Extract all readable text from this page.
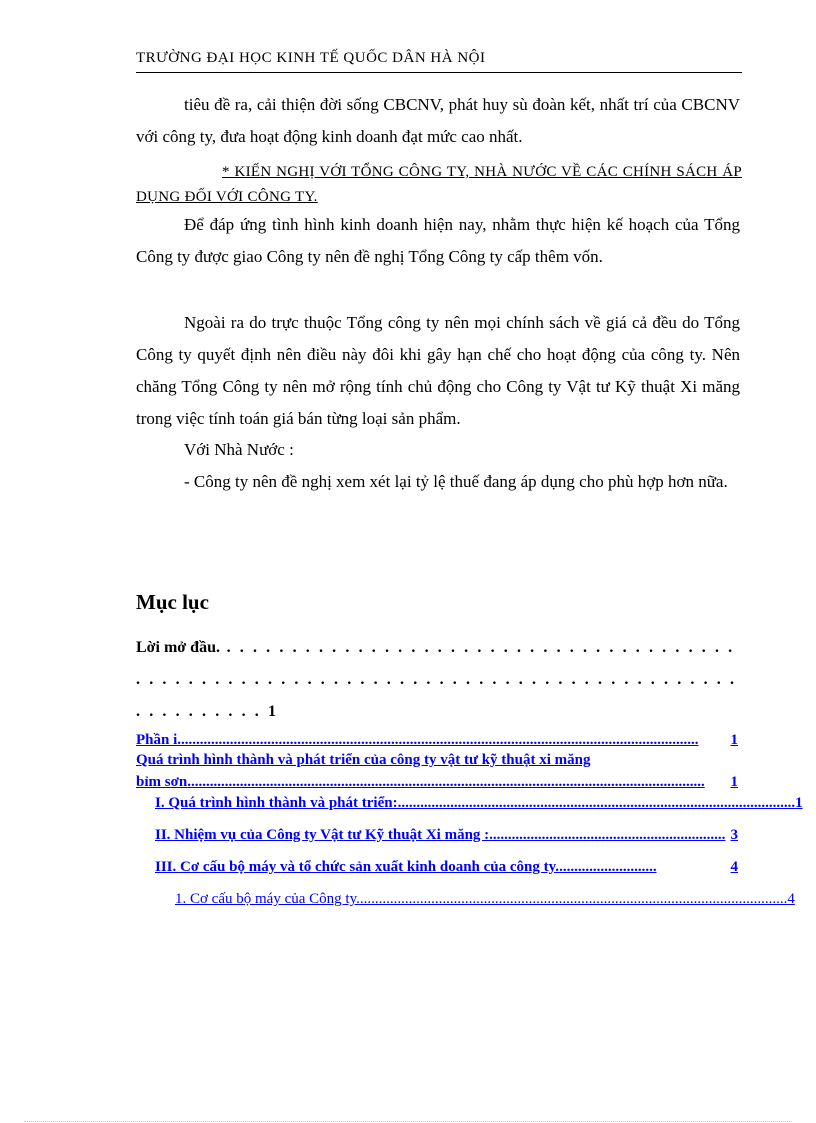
TRƯỜNG ĐẠI HỌC KINH TẾ QUỐC DÂN HÀ NỘI
tiêu đề ra, cải thiện đời sống CBCNV, phát huy sù đoàn kết, nhất trí của CBCNV với công ty, đưa hoạt động kinh doanh đạt mức cao nhất.
* KIẾN NGHỊ VỚI TỔNG CÔNG TY, NHÀ NƯỚC VỀ CÁC CHÍNH SÁCH ÁP DỤNG ĐỐI VỚI CÔNG TY.
Để đáp ứng tình hình kinh doanh hiện nay, nhằm thực hiện kế hoạch của Tổng Công ty được giao Công ty nên đề nghị Tổng Công ty cấp thêm vốn.
Ngoài ra do trực thuộc Tổng công ty nên mọi chính sách về giá cả đều do Tổng Công ty quyết định nên điều này đôi khi gây hạn chế cho hoạt động của công ty. Nên chăng Tổng Công ty nên mở rộng tính chủ động cho Công ty Vật tư Kỹ thuật Xi măng trong việc tính toán giá bán từng loại sản phẩm.
Với Nhà Nước :
- Công ty nên đề nghị xem xét lại tỷ lệ thuế đang áp dụng cho phù hợp hơn nữa.
Mục lục
Lời mở đầu. . . . . . . . . . . . . . . . . . . . . . . . . . . . . . . . . . . . . . . . . . . . . . . . . . . . . . . . . . . . . . . . . . . . . . . . . . . . . . . . . . . . . . . . . . . . . . . . 1
Phần i ...........................................................................................................................................	1
Quá trình hình thành và phát triển của công ty vật tư kỹ thuật xi măng
bỉm sơn ..........................................................................................................................................	1
I. Quá trình hình thành và phát triển: .......................................................................................................... 1
II. Nhiệm vụ của Công ty Vật tư Kỹ thuật Xi măng : ............................................................... 3
III. Cơ cấu bộ máy và tổ chức sản xuất kinh doanh của công ty. ..........................	4
1. Cơ cấu bộ máy của Công ty. .................................................................................................................. 4
